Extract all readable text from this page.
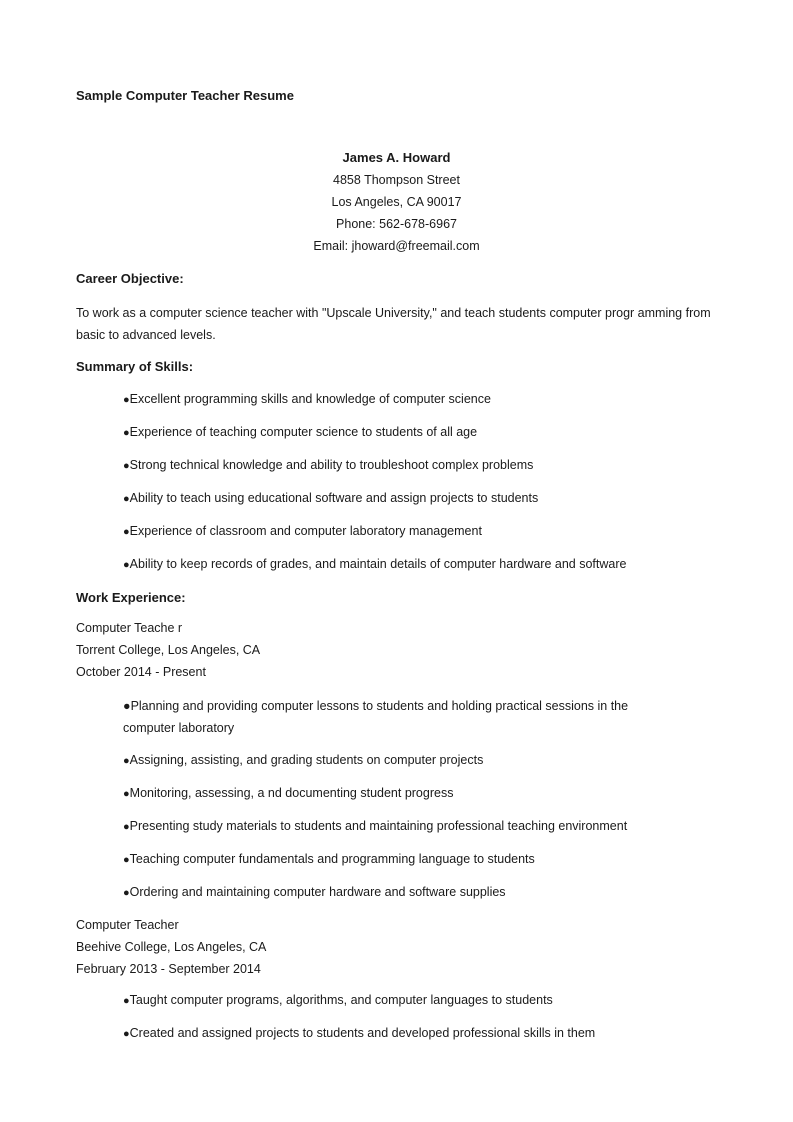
Sample Computer Teacher Resume
James A. Howard
4858 Thompson Street
Los Angeles, CA 90017
Phone: 562-678-6967
Email: jhoward@freemail.com
Career Objective:
To work as a computer science teacher with "Upscale University," and teach students computer progr amming from basic to advanced levels.
Summary of Skills:
●Excellent programming skills and knowledge of computer science
●Experience of teaching computer science to students of all age
●Strong technical knowledge and ability to troubleshoot complex problems
●Ability to teach using educational software and assign projects to students
●Experience of classroom and computer laboratory management
●Ability to keep records of grades, and maintain details of computer hardware and software
Work Experience:
Computer Teache r
Torrent College, Los Angeles, CA
October 2014 - Present
●Planning and providing computer lessons to students and holding practical sessions in the computer laboratory
●Assigning, assisting, and grading students on computer projects
●Monitoring, assessing, a nd documenting student progress
●Presenting study materials to students and maintaining professional teaching environment
●Teaching computer fundamentals and programming language to students
●Ordering and maintaining computer hardware and software supplies
Computer Teacher
Beehive College, Los Angeles, CA
February 2013 - September 2014
●Taught computer programs, algorithms, and computer languages to students
●Created and assigned projects to students and developed professional skills in them
